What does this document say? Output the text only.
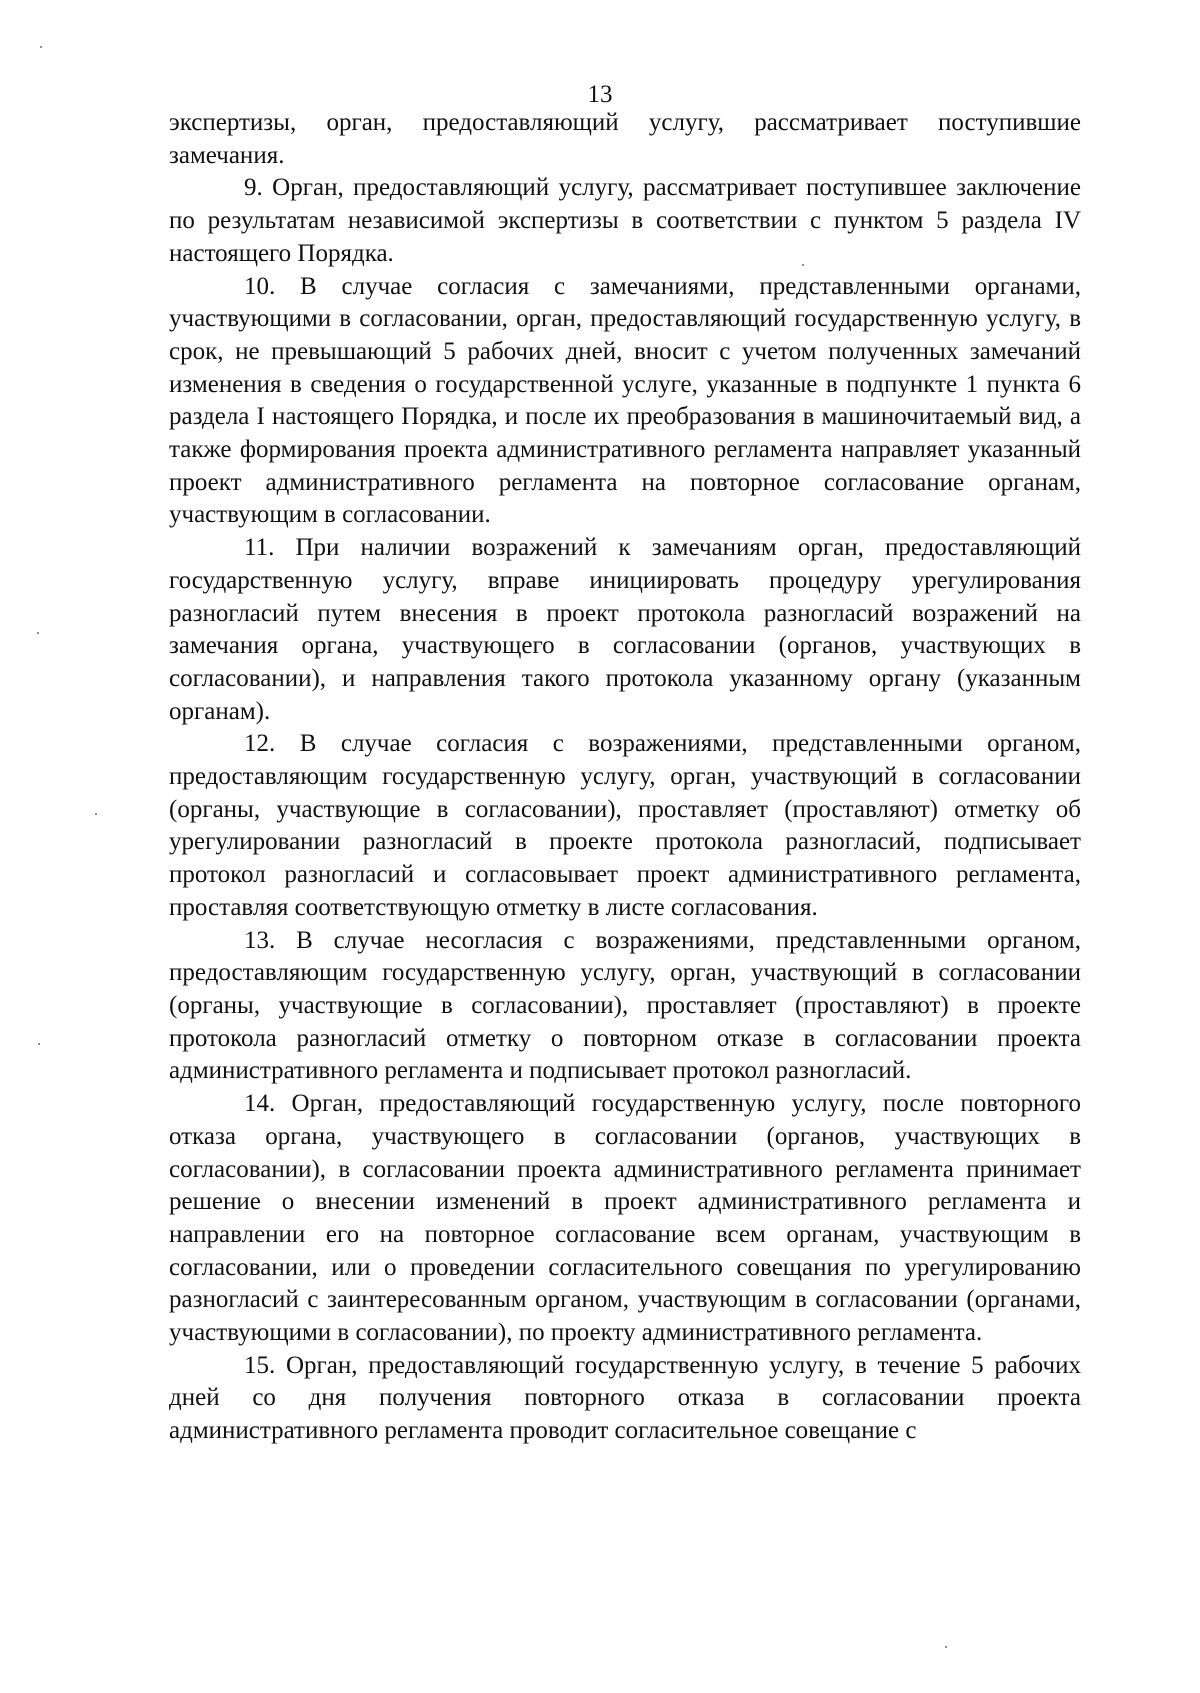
13

экспертизы, орган, предоставляющий услугу, рассматривает поступившие замечания.

9. Орган, предоставляющий услугу, рассматривает поступившее заключение по результатам независимой экспертизы в соответствии с пунктом 5 раздела IV настоящего Порядка.

10. В случае согласия с замечаниями, представленными органами, участвующими в согласовании, орган, предоставляющий государственную услугу, в срок, не превышающий 5 рабочих дней, вносит с учетом полученных замечаний изменения в сведения о государственной услуге, указанные в подпункте 1 пункта 6 раздела I настоящего Порядка, и после их преобразования в машиночитаемый вид, а также формирования проекта административного регламента направляет указанный проект административного регламента на повторное согласование органам, участвующим в согласовании.

11. При наличии возражений к замечаниям орган, предоставляющий государственную услугу, вправе инициировать процедуру урегулирования разногласий путем внесения в проект протокола разногласий возражений на замечания органа, участвующего в согласовании (органов, участвующих в согласовании), и направления такого протокола указанному органу (указанным органам).

12. В случае согласия с возражениями, представленными органом, предоставляющим государственную услугу, орган, участвующий в согласовании (органы, участвующие в согласовании), проставляет (проставляют) отметку об урегулировании разногласий в проекте протокола разногласий, подписывает протокол разногласий и согласовывает проект административного регламента, проставляя соответствующую отметку в листе согласования.

13. В случае несогласия с возражениями, представленными органом, предоставляющим государственную услугу, орган, участвующий в согласовании (органы, участвующие в согласовании), проставляет (проставляют) в проекте протокола разногласий отметку о повторном отказе в согласовании проекта административного регламента и подписывает протокол разногласий.

14. Орган, предоставляющий государственную услугу, после повторного отказа органа, участвующего в согласовании (органов, участвующих в согласовании), в согласовании проекта административного регламента принимает решение о внесении изменений в проект административного регламента и направлении его на повторное согласование всем органам, участвующим в согласовании, или о проведении согласительного совещания по урегулированию разногласий с заинтересованным органом, участвующим в согласовании (органами, участвующими в согласовании), по проекту административного регламента.

15. Орган, предоставляющий государственную услугу, в течение 5 рабочих дней со дня получения повторного отказа в согласовании проекта административного регламента проводит согласительное совещание с
